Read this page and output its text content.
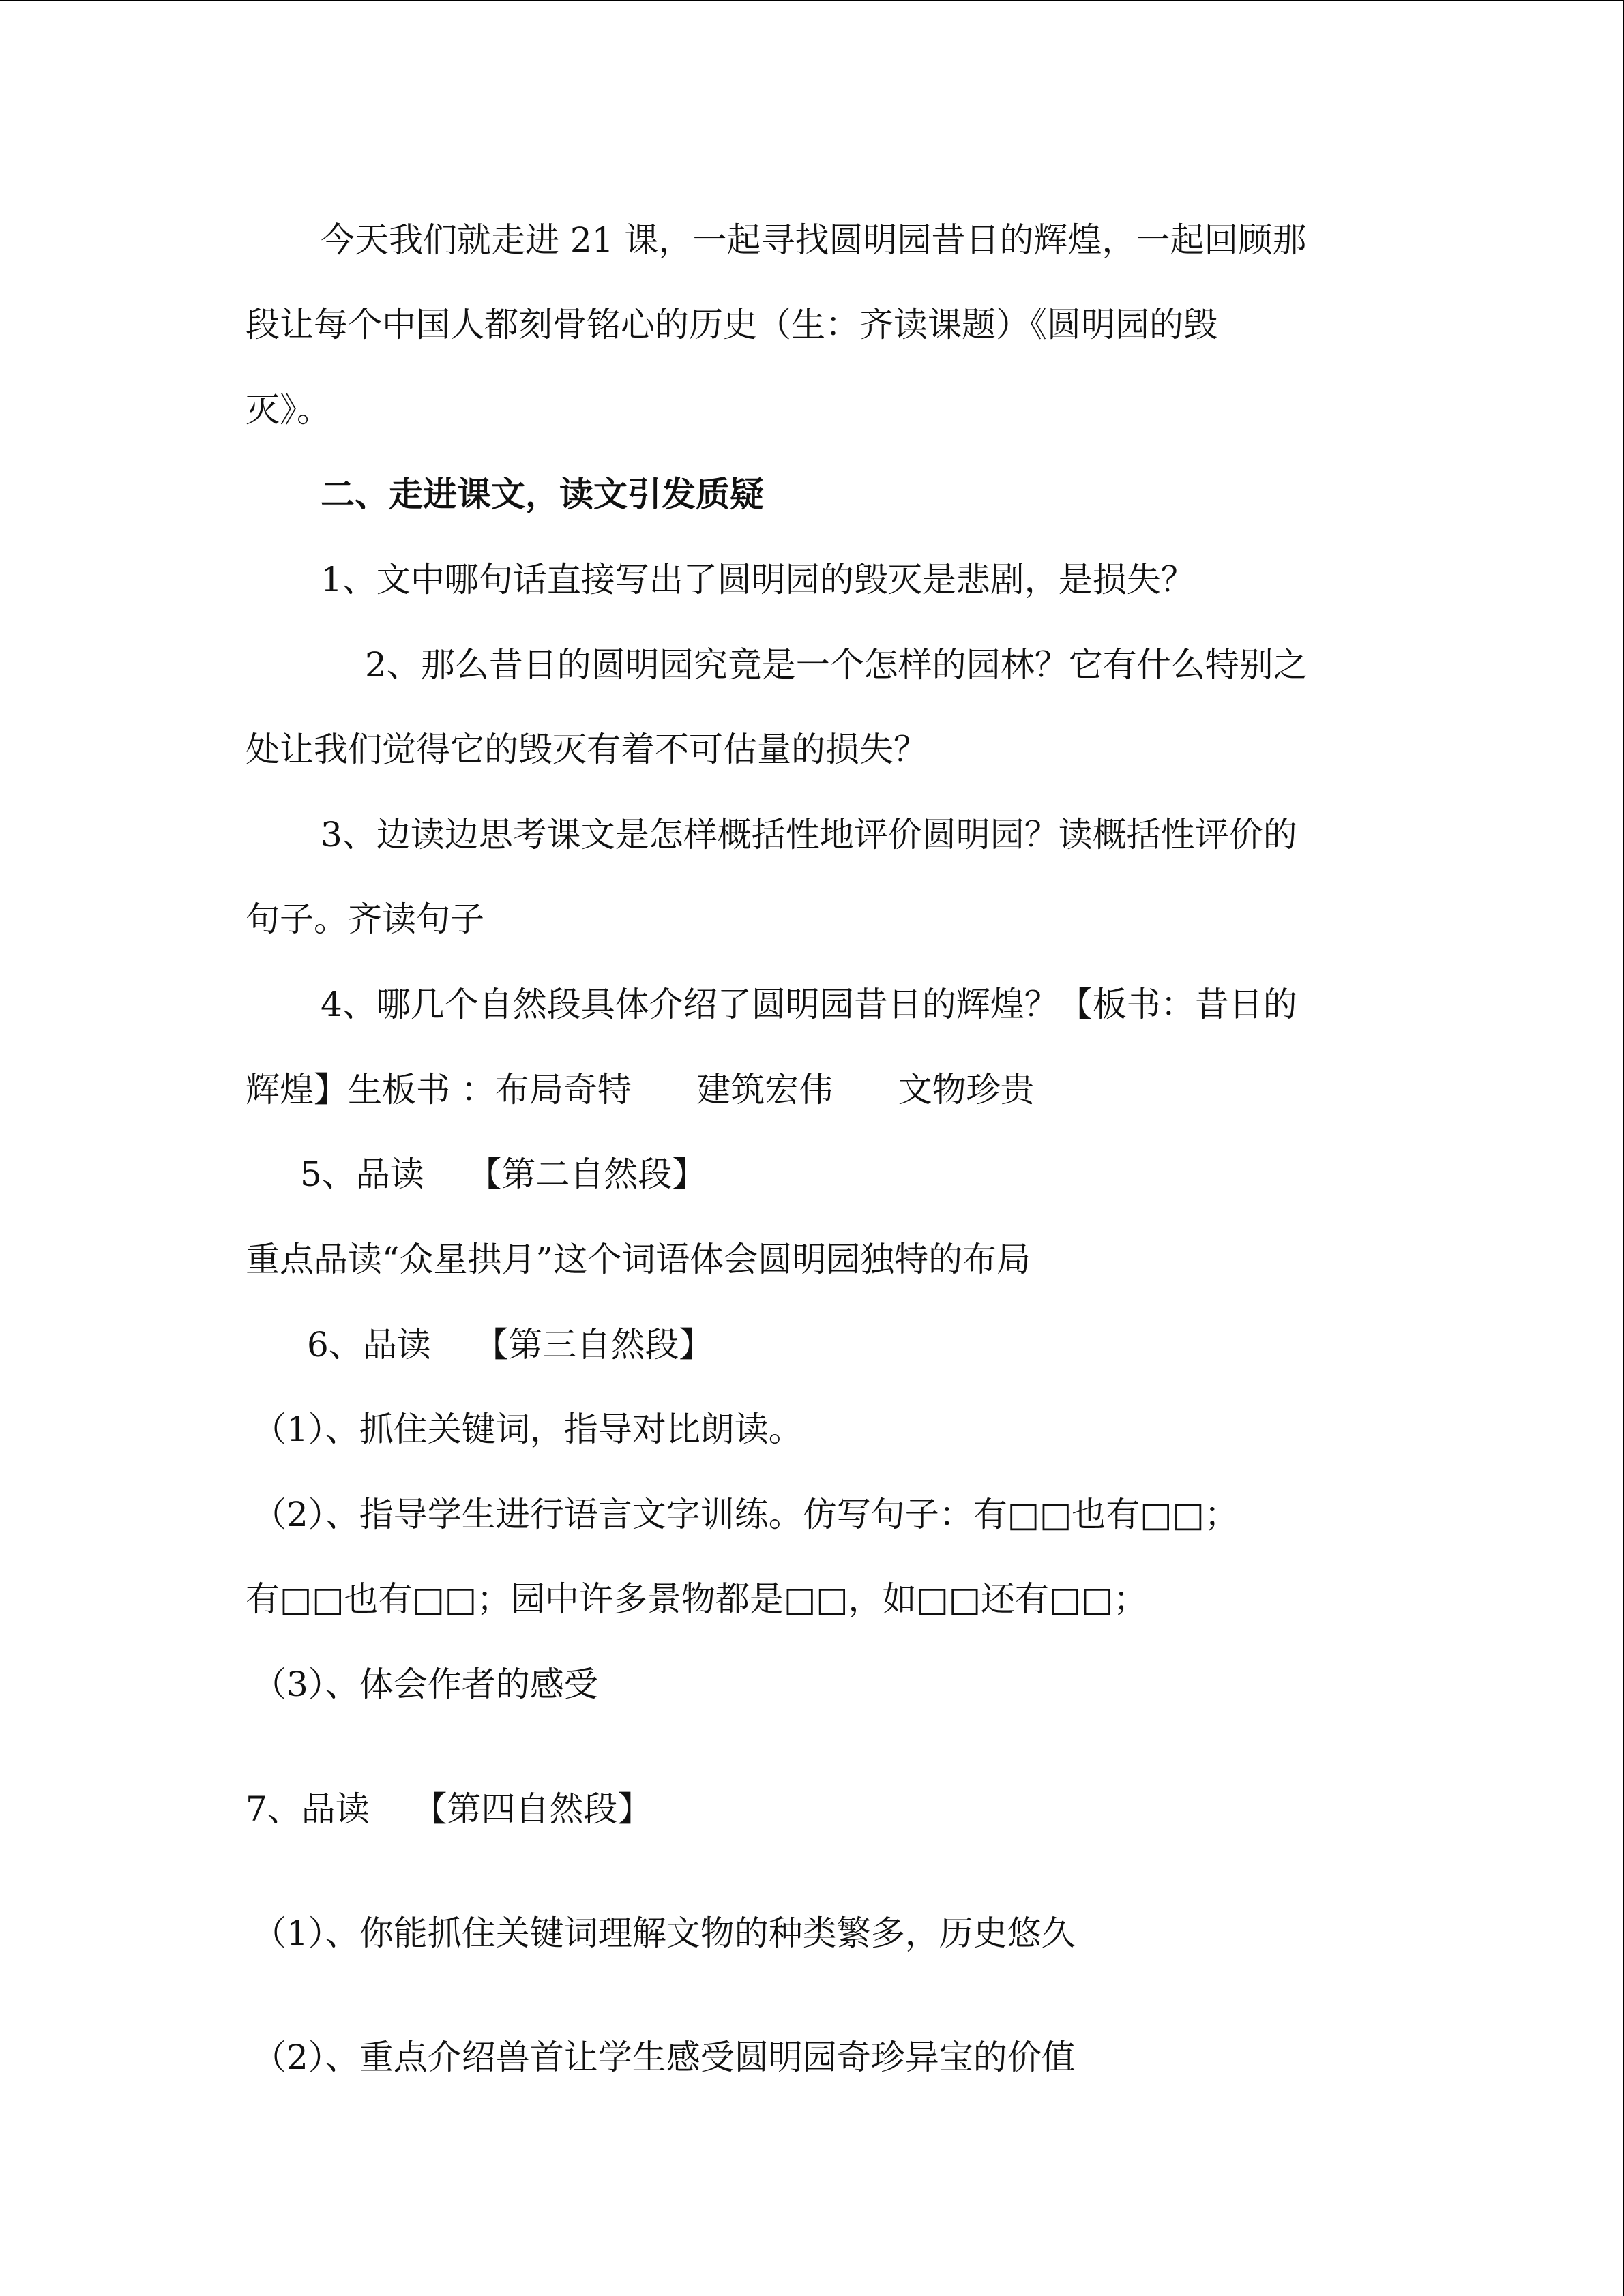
今天我们就走进 21 课，一起寻找圆明园昔日的辉煌，一起回顾那

段让每个中国人都刻骨铭心的历史（生：齐读课题）《圆明园的毁

灭》。

二、走进课文，读文引发质疑

1、文中哪句话直接写出了圆明园的毁灭是悲剧，是损失？

2、那么昔日的圆明园究竟是一个怎样的园林？它有什么特别之

处让我们觉得它的毁灭有着不可估量的损失？

3、边读边思考课文是怎样概括性地评价圆明园？读概括性评价的

句子。齐读句子

4、哪几个自然段具体介绍了圆明园昔日的辉煌？【板书：昔日的

辉煌】生板书 ：布局奇特      建筑宏伟      文物珍贵

5、品读    【第二自然段】

重点品读“众星拱月”这个词语体会圆明园独特的布局

6、品读    【第三自然段】

（1）、抓住关键词，指导对比朗读。

（2）、指导学生进行语言文字训练。仿写句子：有□□也有□□；

有□□也有□□；园中许多景物都是□□，如□□还有□□；

（3）、体会作者的感受

7、品读    【第四自然段】

（1）、你能抓住关键词理解文物的种类繁多，历史悠久

（2）、重点介绍兽首让学生感受圆明园奇珍异宝的价值
